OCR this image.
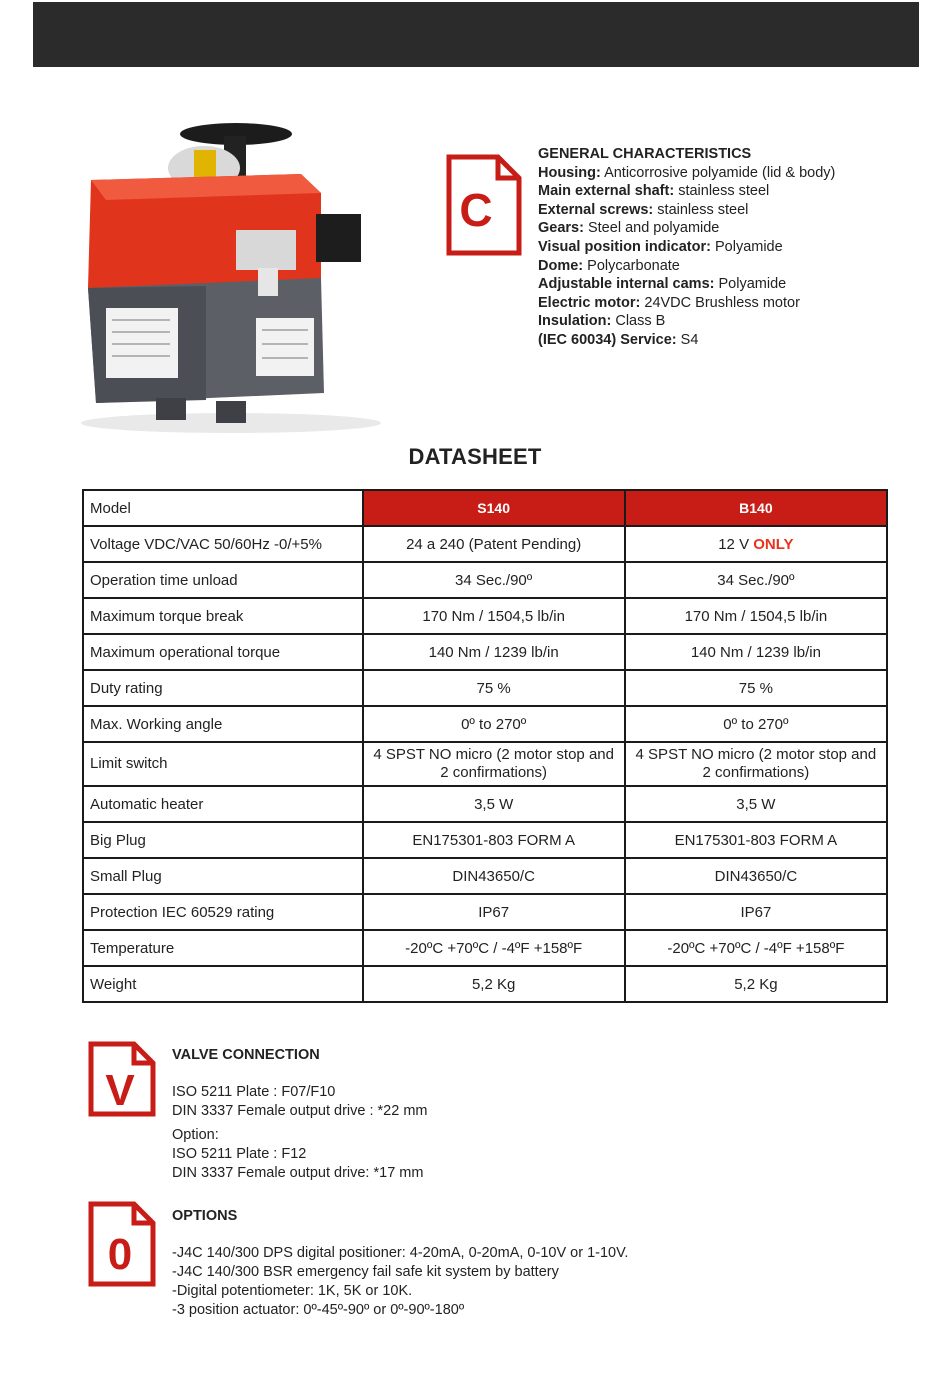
C
GENERAL CHARACTERISTICS
Housing: Anticorrosive polyamide (lid & body)
Main external shaft: stainless steel
External screws: stainless steel
Gears: Steel and polyamide
Visual position indicator: Polyamide
Dome: Polycarbonate
Adjustable internal cams: Polyamide
Electric motor: 24VDC Brushless motor
Insulation: Class B
(IEC 60034) Service: S4
DATASHEET
Model	S140	B140
Voltage VDC/VAC 50/60Hz -0/+5%	24 a 240 (Patent Pending)	12 V ONLY
Operation time unload	34 Sec./90º	34 Sec./90º
Maximum torque break	170 Nm / 1504,5 lb/in	170 Nm / 1504,5 lb/in
Maximum operational torque	140 Nm / 1239 lb/in	140 Nm / 1239 lb/in
Duty rating	75 %	75 %
Max. Working angle	0º to 270º	0º to 270º
Limit switch	4 SPST NO micro (2 motor stop and 2 confirmations)	4 SPST NO micro (2 motor stop and 2 confirmations)
Automatic heater	3,5 W	3,5 W
Big Plug	EN175301-803 FORM A	EN175301-803 FORM A
Small Plug	DIN43650/C	DIN43650/C
Protection IEC 60529 rating	IP67	IP67
Temperature	-20ºC +70ºC / -4ºF +158ºF	-20ºC +70ºC / -4ºF +158ºF
Weight	5,2 Kg	5,2 Kg
V
VALVE CONNECTION
ISO 5211 Plate : F07/F10
DIN 3337 Female output drive : *22 mm
Option:
ISO 5211 Plate : F12
DIN 3337 Female output drive: *17 mm
0
OPTIONS
-J4C 140/300 DPS digital positioner: 4-20mA, 0-20mA, 0-10V or 1-10V.
-J4C 140/300 BSR emergency fail safe kit system by battery
-Digital potentiometer: 1K, 5K or 10K.
-3 position actuator: 0º-45º-90º or 0º-90º-180º
